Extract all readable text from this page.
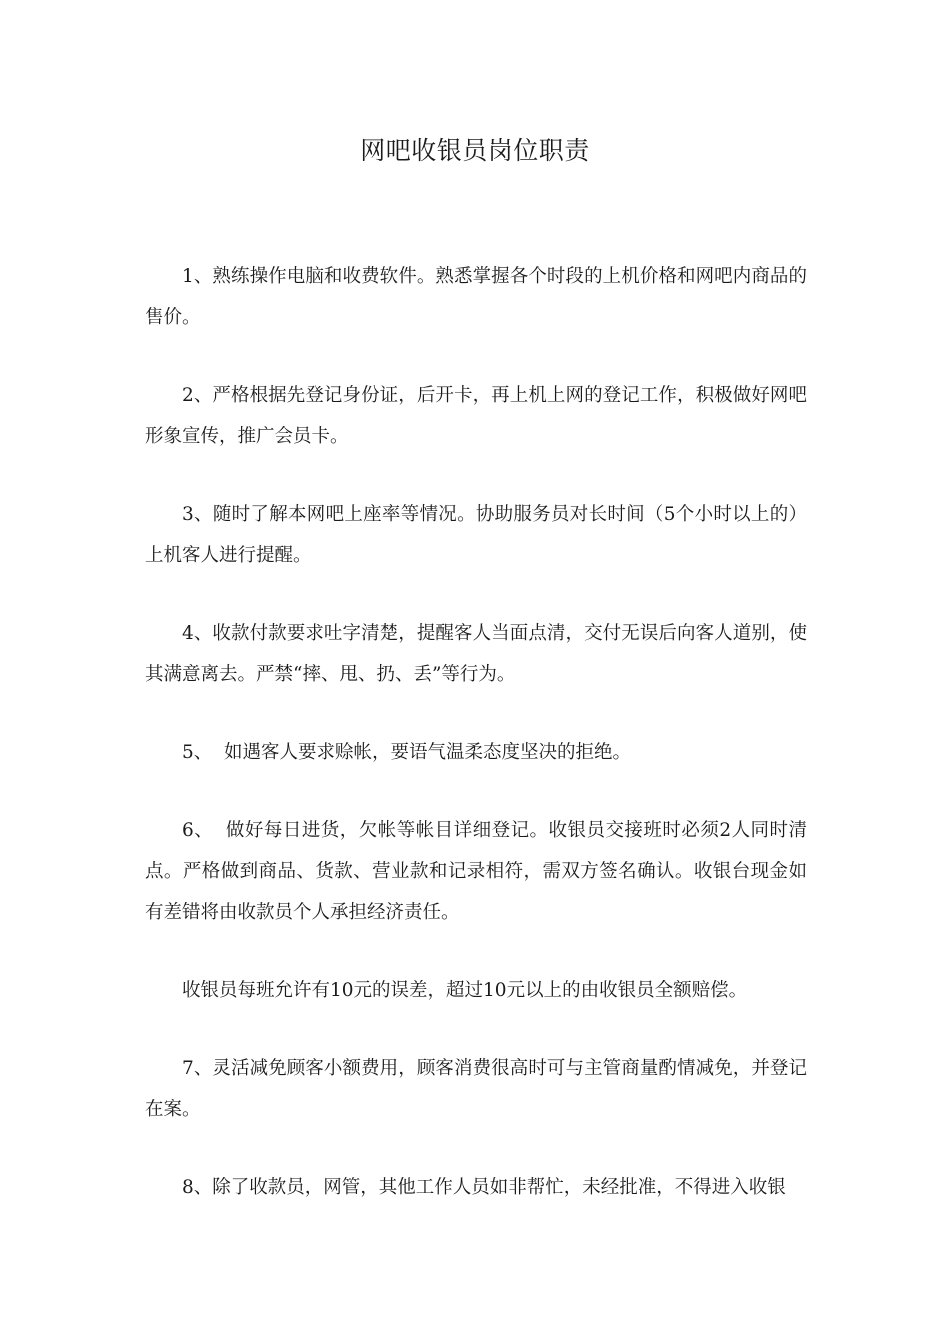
网吧收银员岗位职责

1、熟练操作电脑和收费软件。熟悉掌握各个时段的上机价格和网吧内商品的售价。

2、严格根据先登记身份证，后开卡，再上机上网的登记工作，积极做好网吧形象宣传，推广会员卡。

3、随时了解本网吧上座率等情况。协助服务员对长时间（5个小时以上的）上机客人进行提醒。

4、收款付款要求吐字清楚，提醒客人当面点清，交付无误后向客人道别，使其满意离去。严禁“摔、甩、扔、丢”等行为。

5、  如遇客人要求赊帐，要语气温柔态度坚决的拒绝。

6、  做好每日进货，欠帐等帐目详细登记。收银员交接班时必须2人同时清点。严格做到商品、货款、营业款和记录相符，需双方签名确认。收银台现金如有差错将由收款员个人承担经济责任。

收银员每班允许有10元的误差，超过10元以上的由收银员全额赔偿。

7、灵活减免顾客小额费用，顾客消费很高时可与主管商量酌情减免，并登记在案。

8、除了收款员，网管，其他工作人员如非帮忙，未经批准，不得进入收银
